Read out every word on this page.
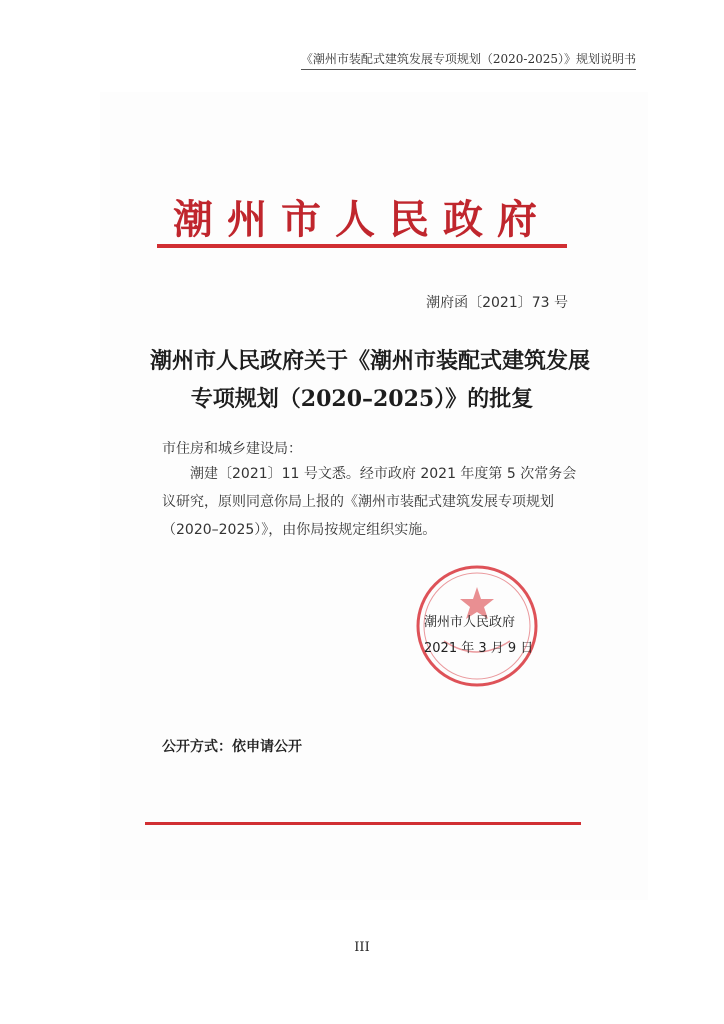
《潮州市装配式建筑发展专项规划（2020-2025）》规划说明书
潮州市人民政府
潮府函〔2021〕73 号
潮州市人民政府关于《潮州市装配式建筑发展
专项规划（2020–2025）》的批复
市住房和城乡建设局：
　　潮建〔2021〕11 号文悉。经市政府 2021 年度第 5 次常务会
议研究，原则同意你局上报的《潮州市装配式建筑发展专项规划
（2020–2025）》，由你局按规定组织实施。
潮州市人民政府
2021 年 3 月 9 日
公开方式：依申请公开
III
